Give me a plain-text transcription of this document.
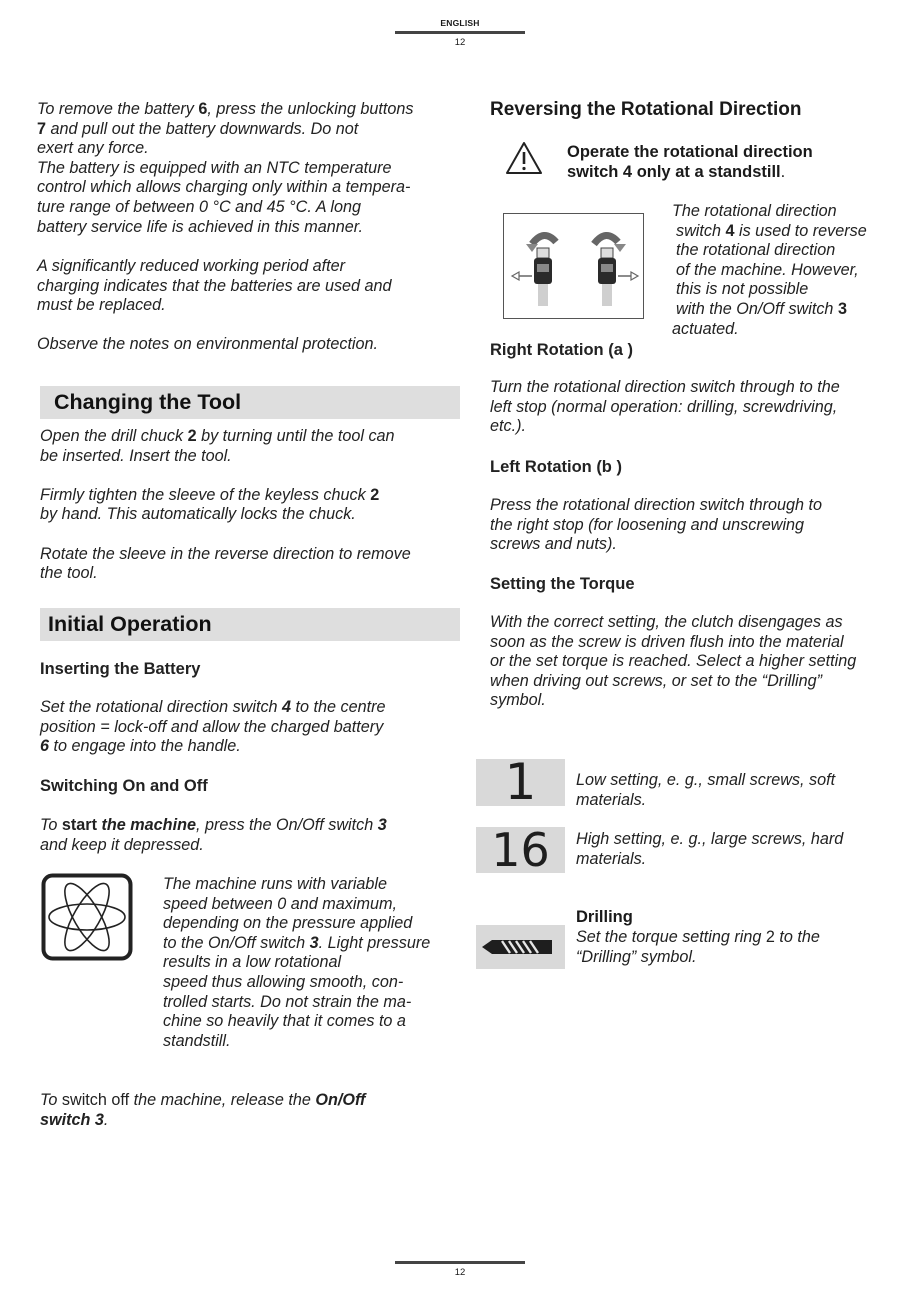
ENGLISH
12

To remove the battery 6, press the unlocking buttons

7 and pull out the battery downwards. Do not

exert any force.

The battery is equipped with an NTC temperature

control which allows charging only within a tempera-

ture range of between 0 °C and 45 °C. A long

battery service life is achieved in this manner.

A significantly reduced working period after

charging indicates that the batteries are used and

must be replaced.

Observe the notes on environmental protection.
Changing the Tool

Open the drill chuck 2 by turning until the tool can

be inserted. Insert the tool.

Firmly tighten the sleeve of the keyless chuck 2

by hand. This automatically locks the chuck.

Rotate the sleeve in the reverse direction to remove

the tool.

Initial Operation
Inserting the Battery

Set the rotational direction switch 4 to the centre

position = lock-off and allow the charged battery

6 to engage into the handle.

Switching On and Off

To start the machine, press the On/Off switch 3

and keep it depressed.

The machine runs with variable

speed between 0 and maximum,

depending on the pressure applied

to the On/Off switch 3. Light pressure

results in a low rotational

speed thus allowing smooth, con-

trolled starts. Do not strain the ma-

chine so heavily that it comes to a

standstill.

To switch off the machine, release the On/Off

switch 3.

Reversing the Rotational Direction

Operate the rotational direction

switch 4 only at a standstill.

The rotational direction

switch 4 is used to reverse

the rotational direction

of the machine. However,

this is not possible

with the On/Off switch 3

actuated.

Right Rotation (a )

Turn the rotational direction switch through to the

left stop (normal operation: drilling, screwdriving,

etc.).

Left Rotation (b )

Press the rotational direction switch through to

the right stop (for loosening and unscrewing

screws and nuts).

Setting the Torque

With the correct setting, the clutch disengages as

soon as the screw is driven flush into the material

or the set torque is reached. Select a higher setting

when driving out screws, or set to the “Drilling”

symbol.

1	Low setting, e. g., small screws, soft

materials.

16	High setting, e. g., large screws, hard

materials.

Drilling

Set the torque setting ring 2 to the

“Drilling” symbol.

12
